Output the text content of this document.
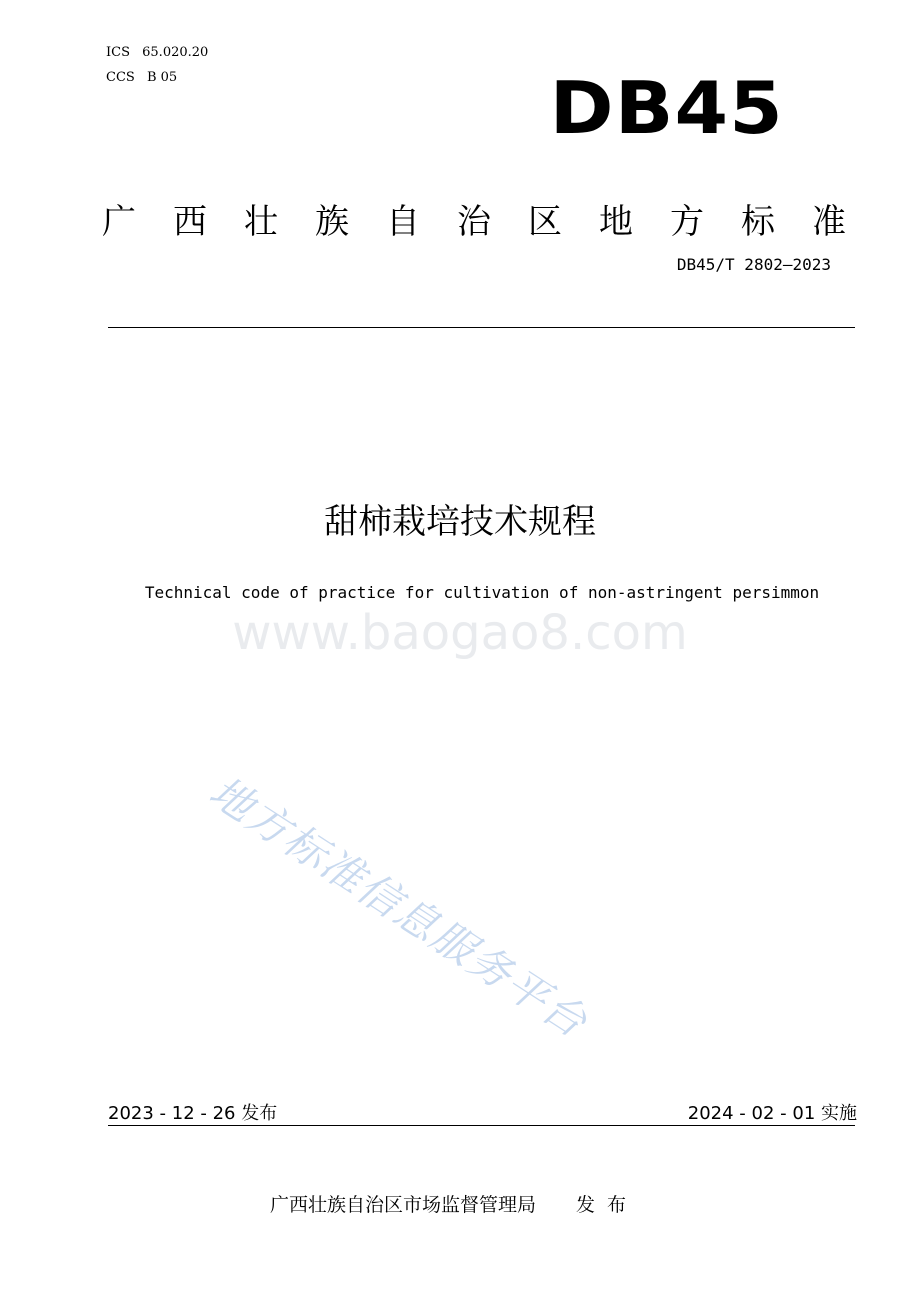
ICS 65.020.20
CCS B 05	DB45
广 西 壮 族 自 治 区 地 方 标 准
DB45/T 2802—2023
甜柿栽培技术规程
Technical code of practice for cultivation of non-astringent persimmon
www.baogao8.com
地方标准信息服务平台
2023 - 12 - 26 发布	2024 - 02 - 01 实施
广西壮族自治区市场监督管理局 发布
